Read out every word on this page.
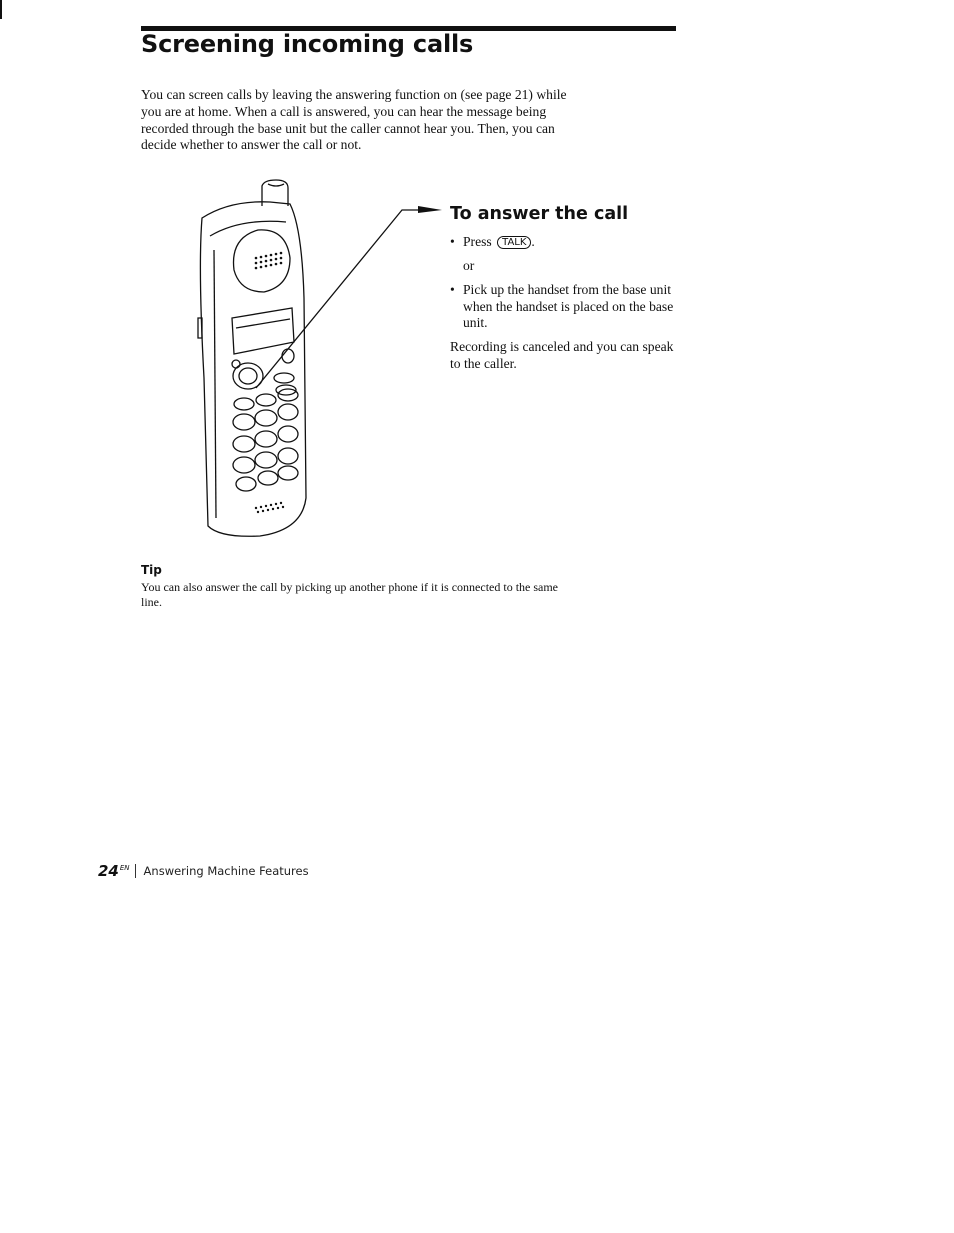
Screening incoming calls

You can screen calls by leaving the answering function on (see page 21) while you are at home. When a call is answered, you can hear the message being recorded through the base unit but the caller cannot hear you. Then, you can decide whether to answer the call or not.

To answer the call
• Press TALK .
or
• Pick up the handset from the base unit when the handset is placed on the base unit.
Recording is canceled and you can speak to the caller.
Tip

You can also answer the call by picking up another phone if it is connected to the same line.

$24^{EN}$ Answering Machine Features
